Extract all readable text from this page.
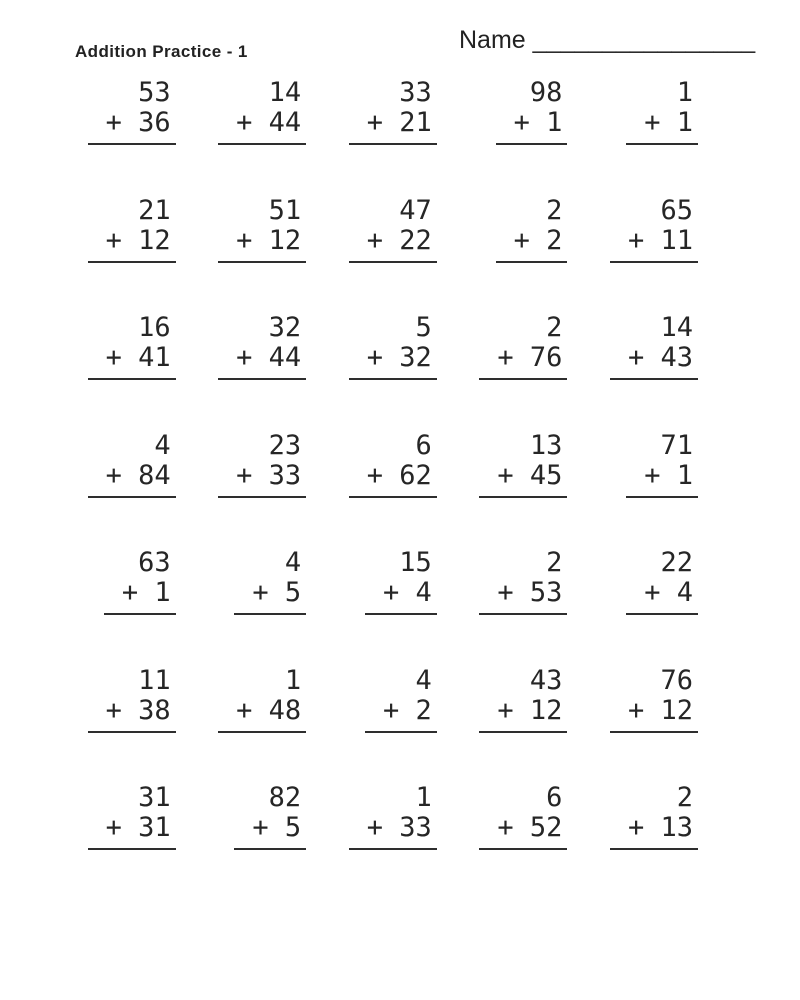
Addition Practice - 1	Name ________________
53
+ 36
14
+ 44
33
+ 21
98
+ 1
1
+ 1
21
+ 12
51
+ 12
47
+ 22
2
+ 2
65
+ 11
16
+ 41
32
+ 44
5
+ 32
2
+ 76
14
+ 43
4
+ 84
23
+ 33
6
+ 62
13
+ 45
71
+ 1
63
+ 1
4
+ 5
15
+ 4
2
+ 53
22
+ 4
11
+ 38
1
+ 48
4
+ 2
43
+ 12
76
+ 12
31
+ 31
82
+ 5
1
+ 33
6
+ 52
2
+ 13
